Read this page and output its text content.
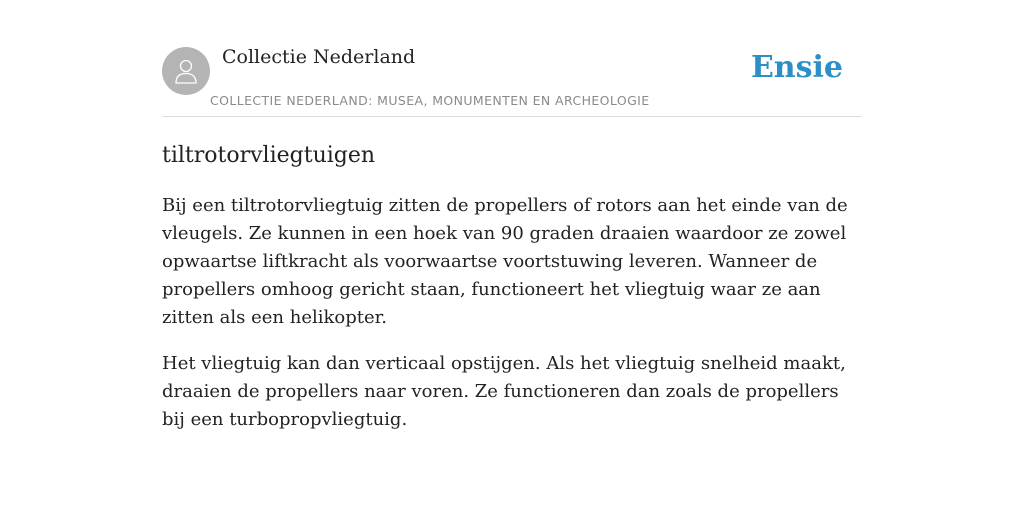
Collectie Nederland
COLLECTIE NEDERLAND: MUSEA, MONUMENTEN EN ARCHEOLOGIE
Ensie
tiltrotorvliegtuigen

Bij een tiltrotorvliegtuig zitten de propellers of rotors aan het einde van de vleugels. Ze kunnen in een hoek van 90 graden draaien waardoor ze zowel opwaartse liftkracht als voorwaartse voortstuwing leveren. Wanneer de propellers omhoog gericht staan, functioneert het vliegtuig waar ze aan zitten als een helikopter.

Het vliegtuig kan dan verticaal opstijgen. Als het vliegtuig snelheid maakt, draaien de propellers naar voren. Ze functioneren dan zoals de propellers bij een turbopropvliegtuig.
